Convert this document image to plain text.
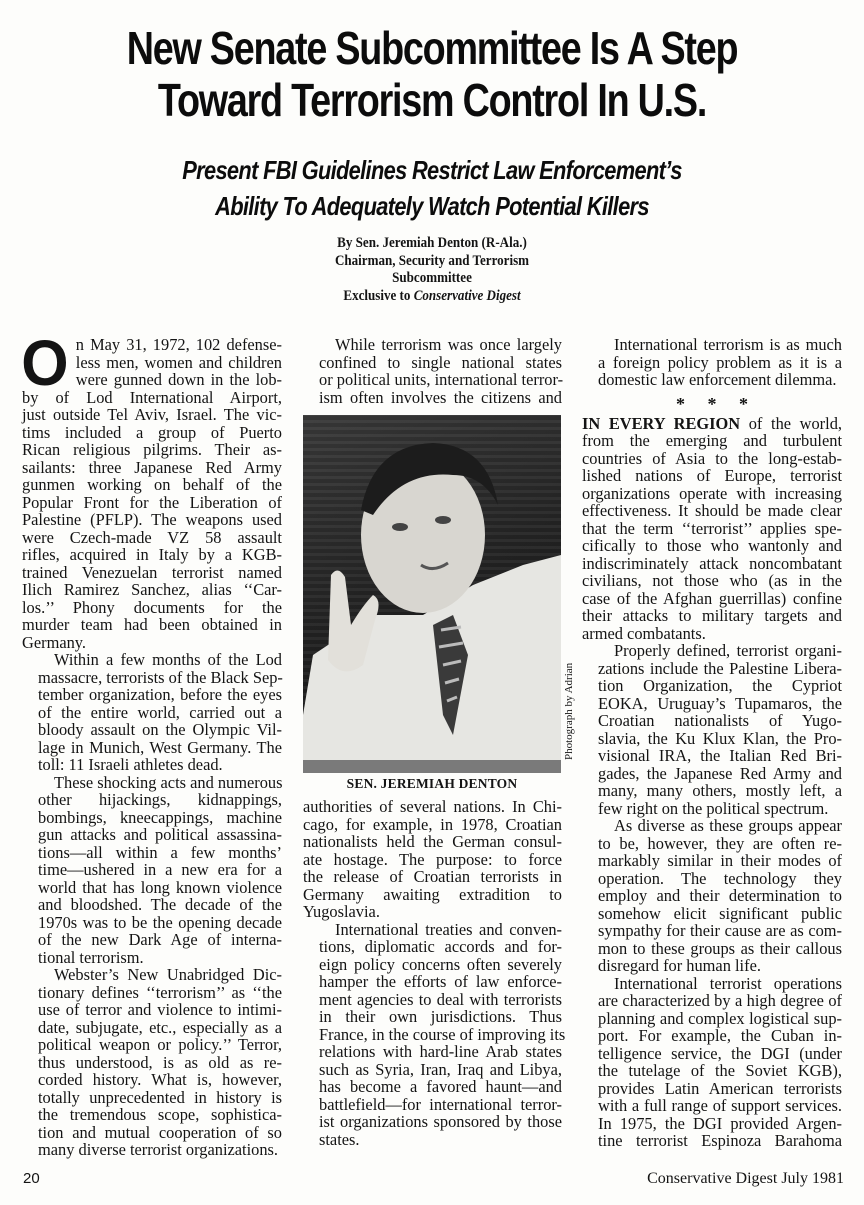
New Senate Subcommittee Is A Step
Toward Terrorism Control In U.S.
Present FBI Guidelines Restrict Law Enforcement’s
Ability To Adequately Watch Potential Killers
By Sen. Jeremiah Denton (R-Ala.)
Chairman, Security and Terrorism
Subcommittee
Exclusive to Conservative Digest

O n May 31, 1972, 102 defense-
less men, women and children
were gunned down in the lob-
by of Lod International Airport,
just outside Tel Aviv, Israel. The vic-
tims included a group of Puerto
Rican religious pilgrims. Their as-
sailants: three Japanese Red Army
gunmen working on behalf of the
Popular Front for the Liberation of
Palestine (PFLP). The weapons used
were Czech-made VZ 58 assault
rifles, acquired in Italy by a KGB-
trained Venezuelan terrorist named
Ilich Ramirez Sanchez, alias ‘‘Car-
los.’’ Phony documents for the
murder team had been obtained in
Germany.

Within a few months of the Lod
massacre, terrorists of the Black Sep-
tember organization, before the eyes
of the entire world, carried out a
bloody assault on the Olympic Vil-
lage in Munich, West Germany. The
toll: 11 Israeli athletes dead.

These shocking acts and numerous
other hijackings, kidnappings,
bombings, kneecappings, machine
gun attacks and political assassina-
tions—all within a few months’
time—ushered in a new era for a
world that has long known violence
and bloodshed. The decade of the
1970s was to be the opening decade
of the new Dark Age of interna-
tional terrorism.

Webster’s New Unabridged Dic-
tionary defines ‘‘terrorism’’ as ‘‘the
use of terror and violence to intimi-
date, subjugate, etc., especially as a
political weapon or policy.’’ Terror,
thus understood, is as old as re-
corded history. What is, however,
totally unprecedented in history is
the tremendous scope, sophistica-
tion and mutual cooperation of so
many diverse terrorist organizations.

While terrorism was once largely
confined to single national states
or political units, international terror-
ism often involves the citizens and

Photograph by Adrian
SEN. JEREMIAH DENTON

authorities of several nations. In Chi-
cago, for example, in 1978, Croatian
nationalists held the German consul-
ate hostage. The purpose: to force
the release of Croatian terrorists in
Germany awaiting extradition to
Yugoslavia.

International treaties and conven-
tions, diplomatic accords and for-
eign policy concerns often severely
hamper the efforts of law enforce-
ment agencies to deal with terrorists
in their own jurisdictions. Thus
France, in the course of improving its
relations with hard-line Arab states
such as Syria, Iran, Iraq and Libya,
has become a favored haunt—and
battlefield—for international terror-
ist organizations sponsored by those
states.

International terrorism is as much
a foreign policy problem as it is a
domestic law enforcement dilemma.

* * *

IN EVERY REGION of the world,
from the emerging and turbulent
countries of Asia to the long-estab-
lished nations of Europe, terrorist
organizations operate with increasing
effectiveness. It should be made clear
that the term ‘‘terrorist’’ applies spe-
cifically to those who wantonly and
indiscriminately attack noncombatant
civilians, not those who (as in the
case of the Afghan guerrillas) confine
their attacks to military targets and
armed combatants.

Properly defined, terrorist organi-
zations include the Palestine Libera-
tion Organization, the Cypriot
EOKA, Uruguay’s Tupamaros, the
Croatian nationalists of Yugo-
slavia, the Ku Klux Klan, the Pro-
visional IRA, the Italian Red Bri-
gades, the Japanese Red Army and
many, many others, mostly left, a
few right on the political spectrum.

As diverse as these groups appear
to be, however, they are often re-
markably similar in their modes of
operation. The technology they
employ and their determination to
somehow elicit significant public
sympathy for their cause are as com-
mon to these groups as their callous
disregard for human life.

International terrorist operations
are characterized by a high degree of
planning and complex logistical sup-
port. For example, the Cuban in-
telligence service, the DGI (under
the tutelage of the Soviet KGB),
provides Latin American terrorists
with a full range of support services.
In 1975, the DGI provided Argen-
tine terrorist Espinoza Barahoma

20	Conservative Digest July 1981
